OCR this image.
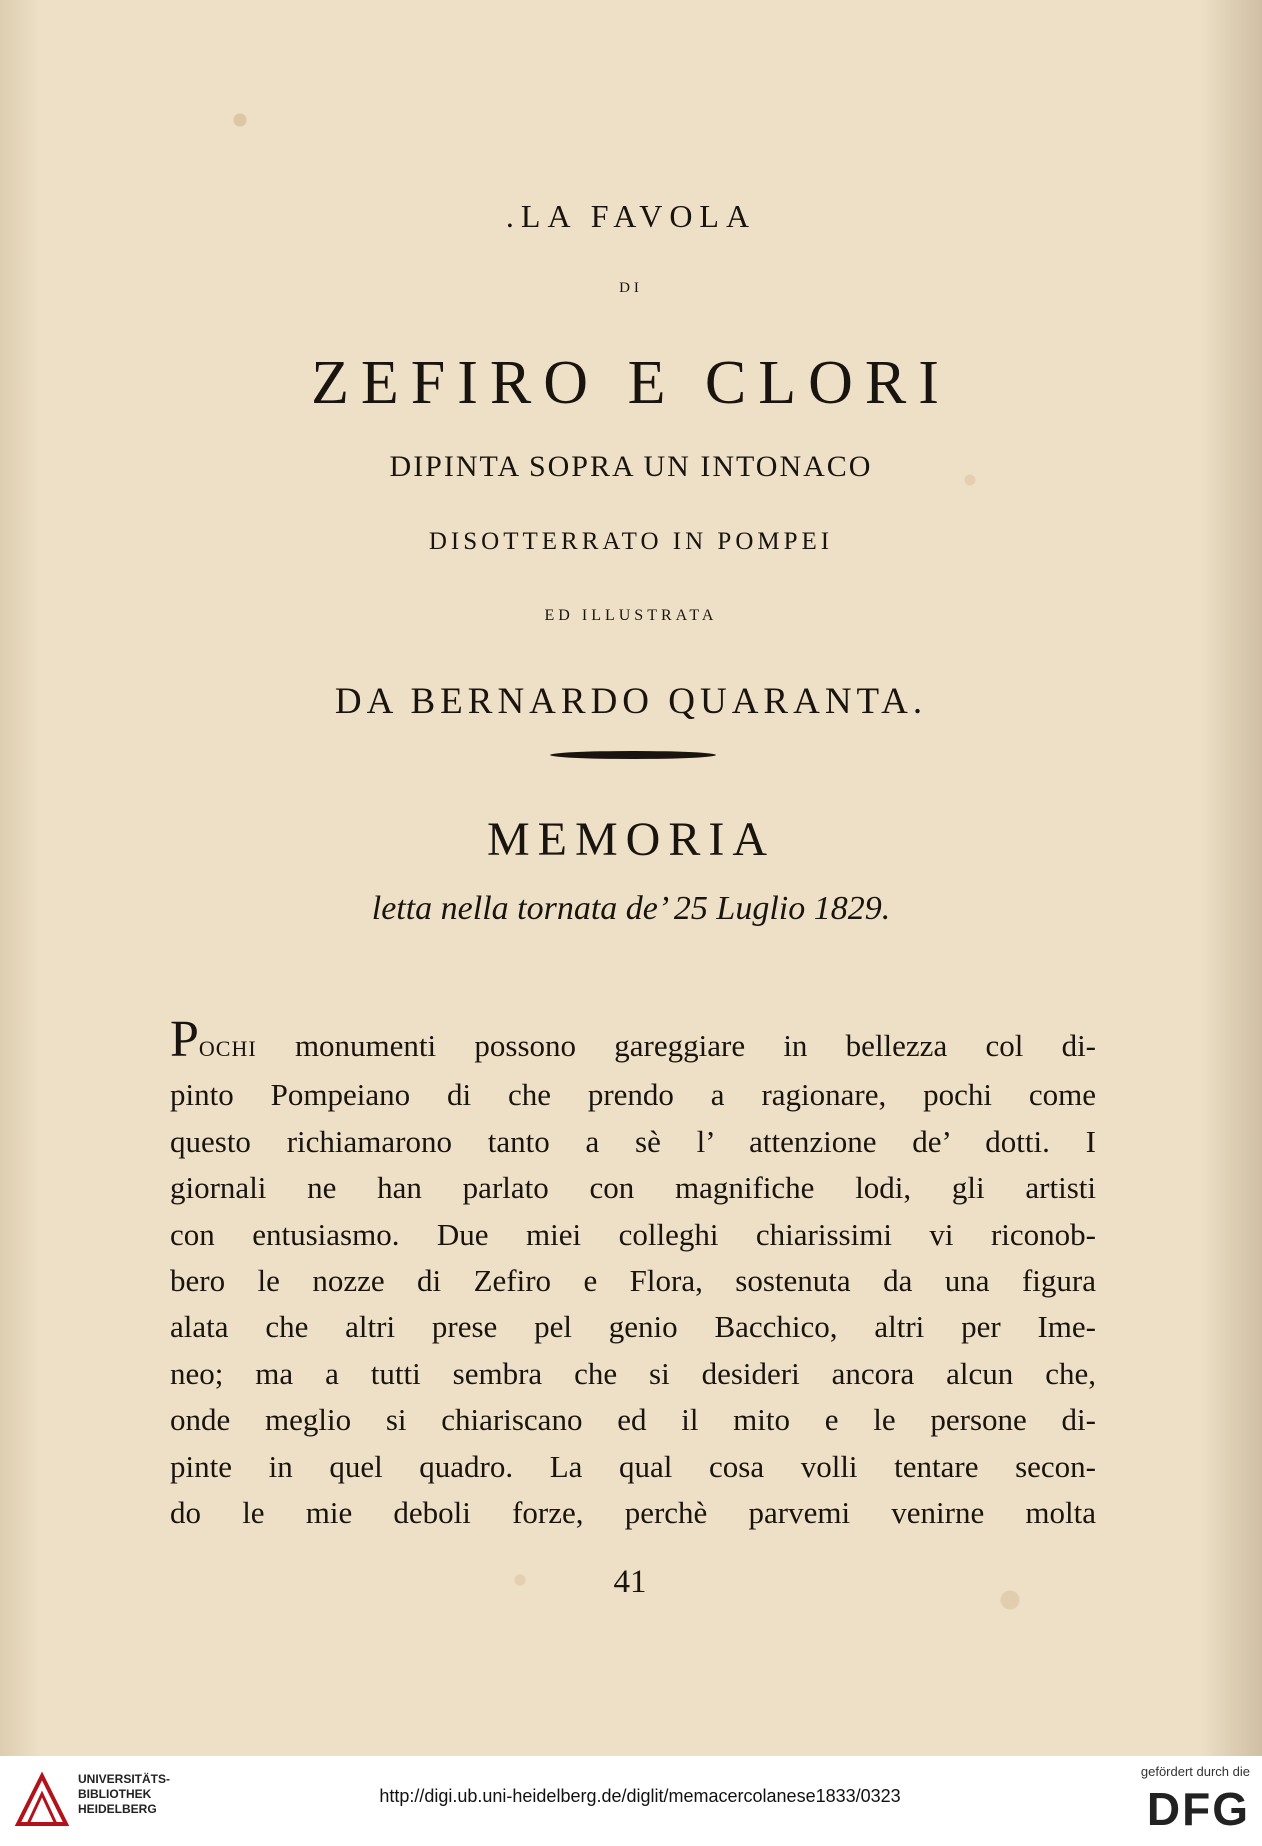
.LA FAVOLA
DI
ZEFIRO E CLORI
DIPINTA SOPRA UN INTONACO
DISOTTERRATO IN POMPEI
ED ILLUSTRATA
DA BERNARDO QUARANTA.
MEMORIA
letta nella tornata de’ 25 Luglio 1829.
POCHI monumenti possono gareggiare in bellezza col di-
pinto Pompeiano di che prendo a ragionare, pochi come
questo richiamarono tanto a sè l’ attenzione de’ dotti. I
giornali ne han parlato con magnifiche lodi, gli artisti
con entusiasmo. Due miei colleghi chiarissimi vi riconob-
bero le nozze di Zefiro e Flora, sostenuta da una figura
alata che altri prese pel genio Bacchico, altri per Ime-
neo; ma a tutti sembra che si desideri ancora alcun che,
onde meglio si chiariscano ed il mito e le persone di-
pinte in quel quadro. La qual cosa volli tentare secon-
do le mie deboli forze, perchè parvemi venirne molta
41
UNIVERSITÄTS-
BIBLIOTHEK
HEIDELBERG
http://digi.ub.uni-heidelberg.de/diglit/memacercolanese1833/0323
gefördert durch die
DFG
